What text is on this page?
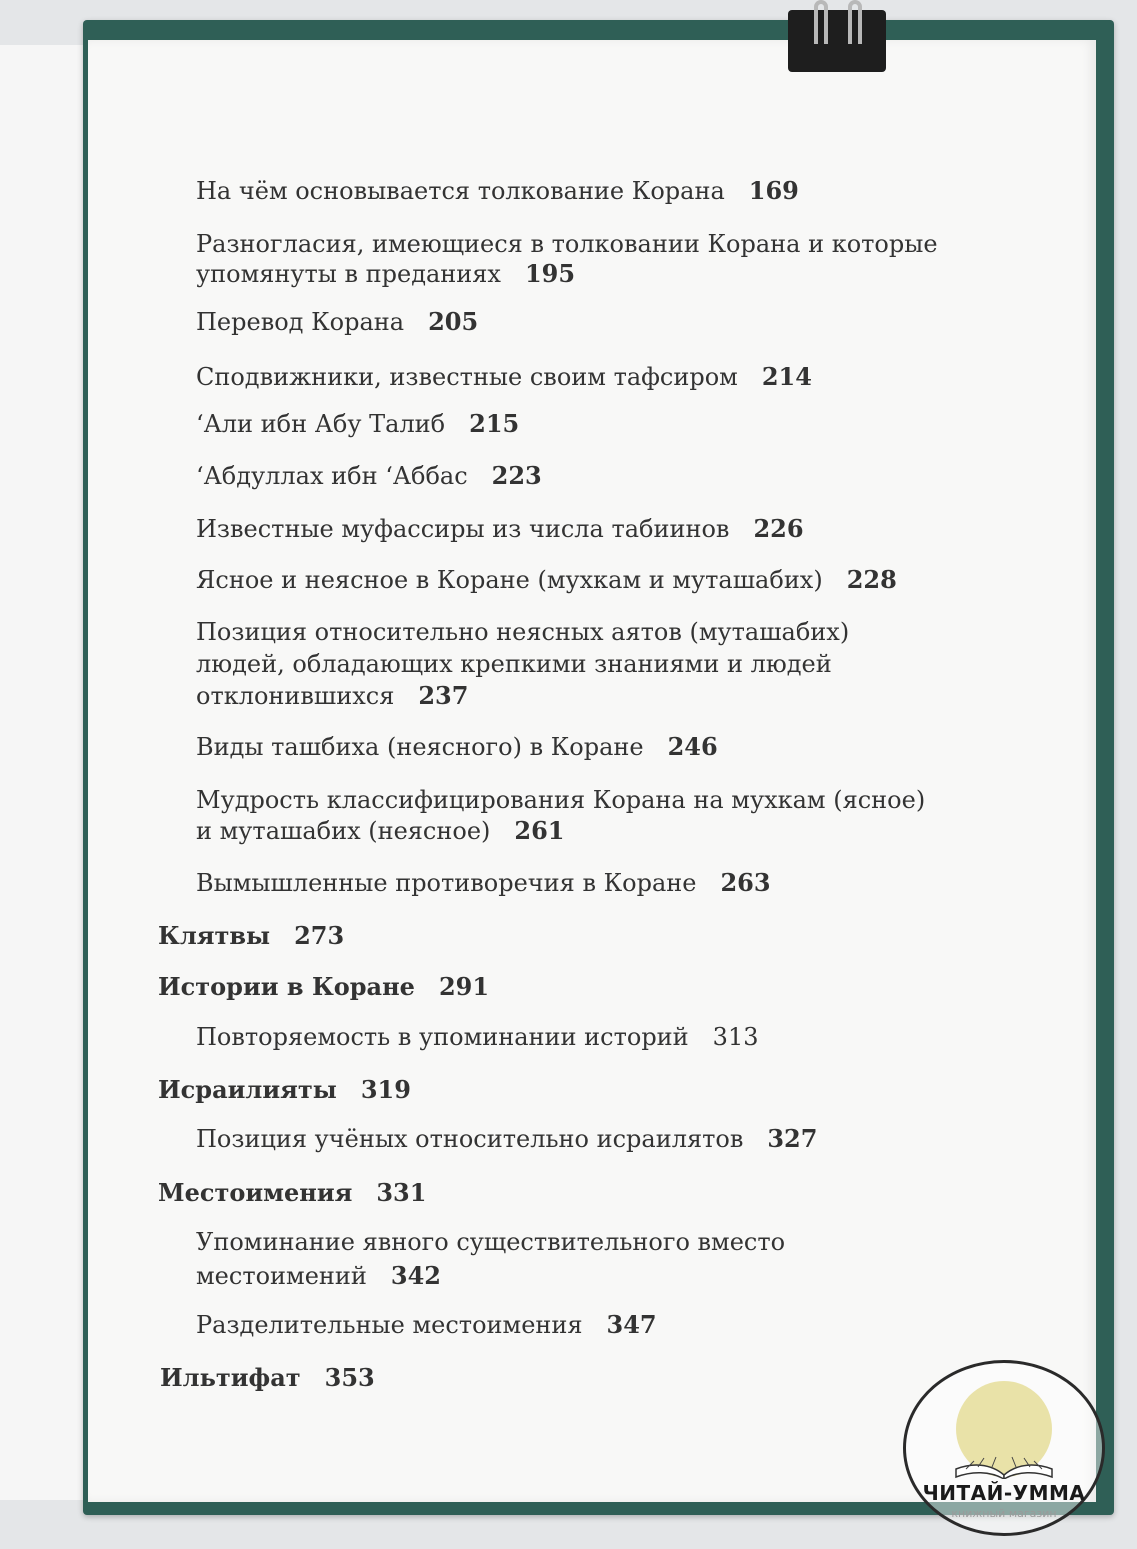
На чём основывается толкование Корана 169

Разногласия, имеющиеся в толковании Корана и которые

упомянуты в преданиях 195

Перевод Корана 205

Сподвижники, известные своим тафсиром 214

ʻАли ибн Абу Талиб 215

ʻАбдуллах ибн ʻАббас 223

Известные муфассиры из числа табиинов 226

Ясное и неясное в Коране (мухкам и муташабих) 228

Позиция относительно неясных аятов (муташабих)

людей, обладающих крепкими знаниями и людей

отклонившихся 237

Виды ташбиха (неясного) в Коране 246

Мудрость классифицирования Корана на мухкам (ясное)

и муташабих (неясное) 261

Вымышленные противоречия в Коране 263

Клятвы 273

Истории в Коране 291

Повторяемость в упоминании историй 313

Исраилияты 319

Позиция учёных относительно исраилятов 327

Местоимения 331

Упоминание явного существительного вместо

местоимений 342

Разделительные местоимения 347

Ильтифат 353

ЧИТАЙ-УММА
книжный магазин
